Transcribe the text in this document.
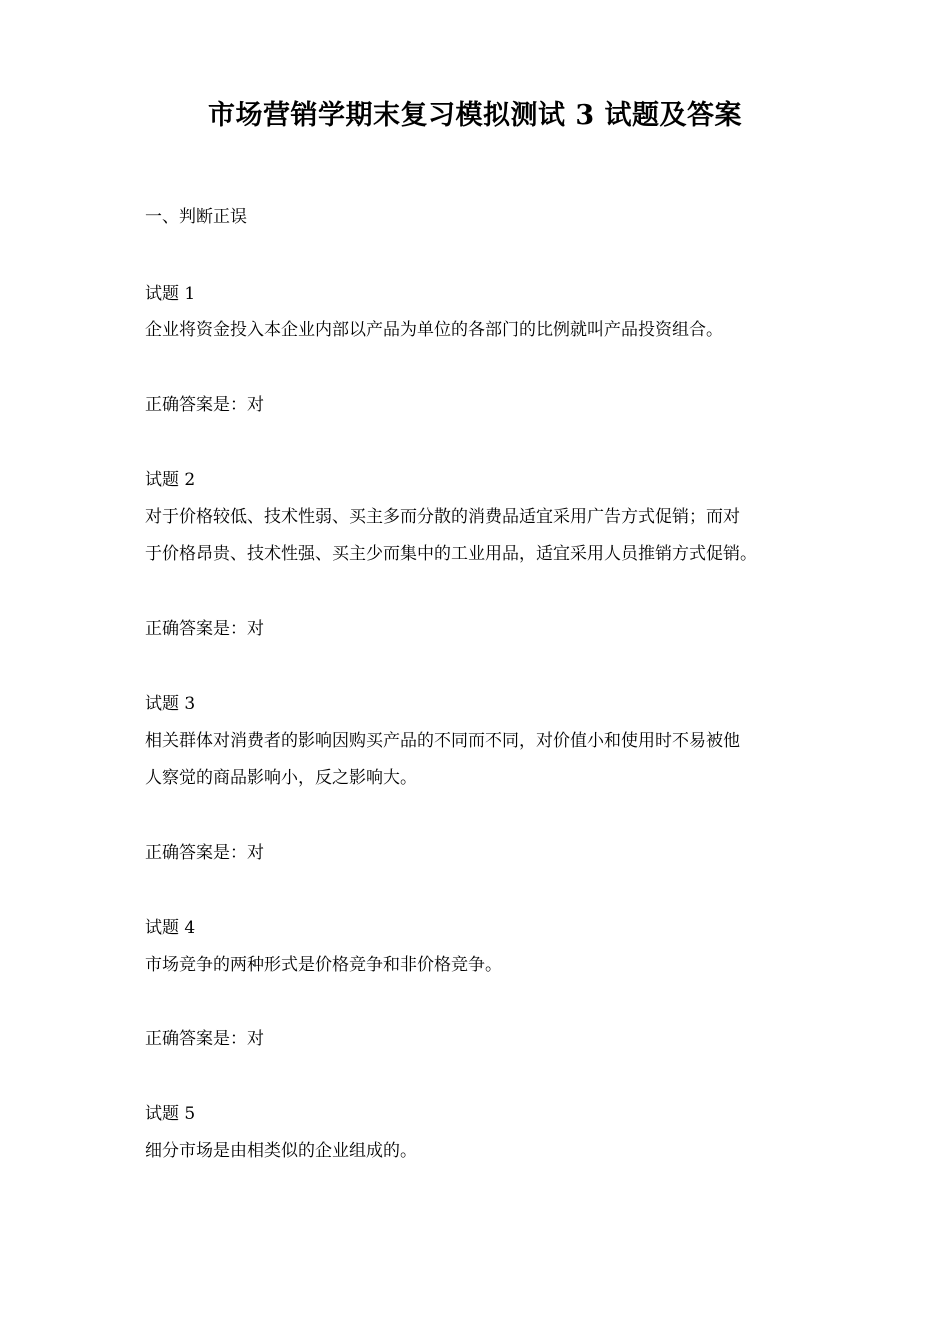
市场营销学期末复习模拟测试 3 试题及答案
一、判断正误
试题 1
企业将资金投入本企业内部以产品为单位的各部门的比例就叫产品投资组合。
正确答案是：对
试题 2
对于价格较低、技术性弱、买主多而分散的消费品适宜采用广告方式促销；而对
于价格昂贵、技术性强、买主少而集中的工业用品，适宜采用人员推销方式促销。
正确答案是：对
试题 3
相关群体对消费者的影响因购买产品的不同而不同，对价值小和使用时不易被他
人察觉的商品影响小，反之影响大。
正确答案是：对
试题 4
市场竞争的两种形式是价格竞争和非价格竞争。
正确答案是：对
试题 5
细分市场是由相类似的企业组成的。
